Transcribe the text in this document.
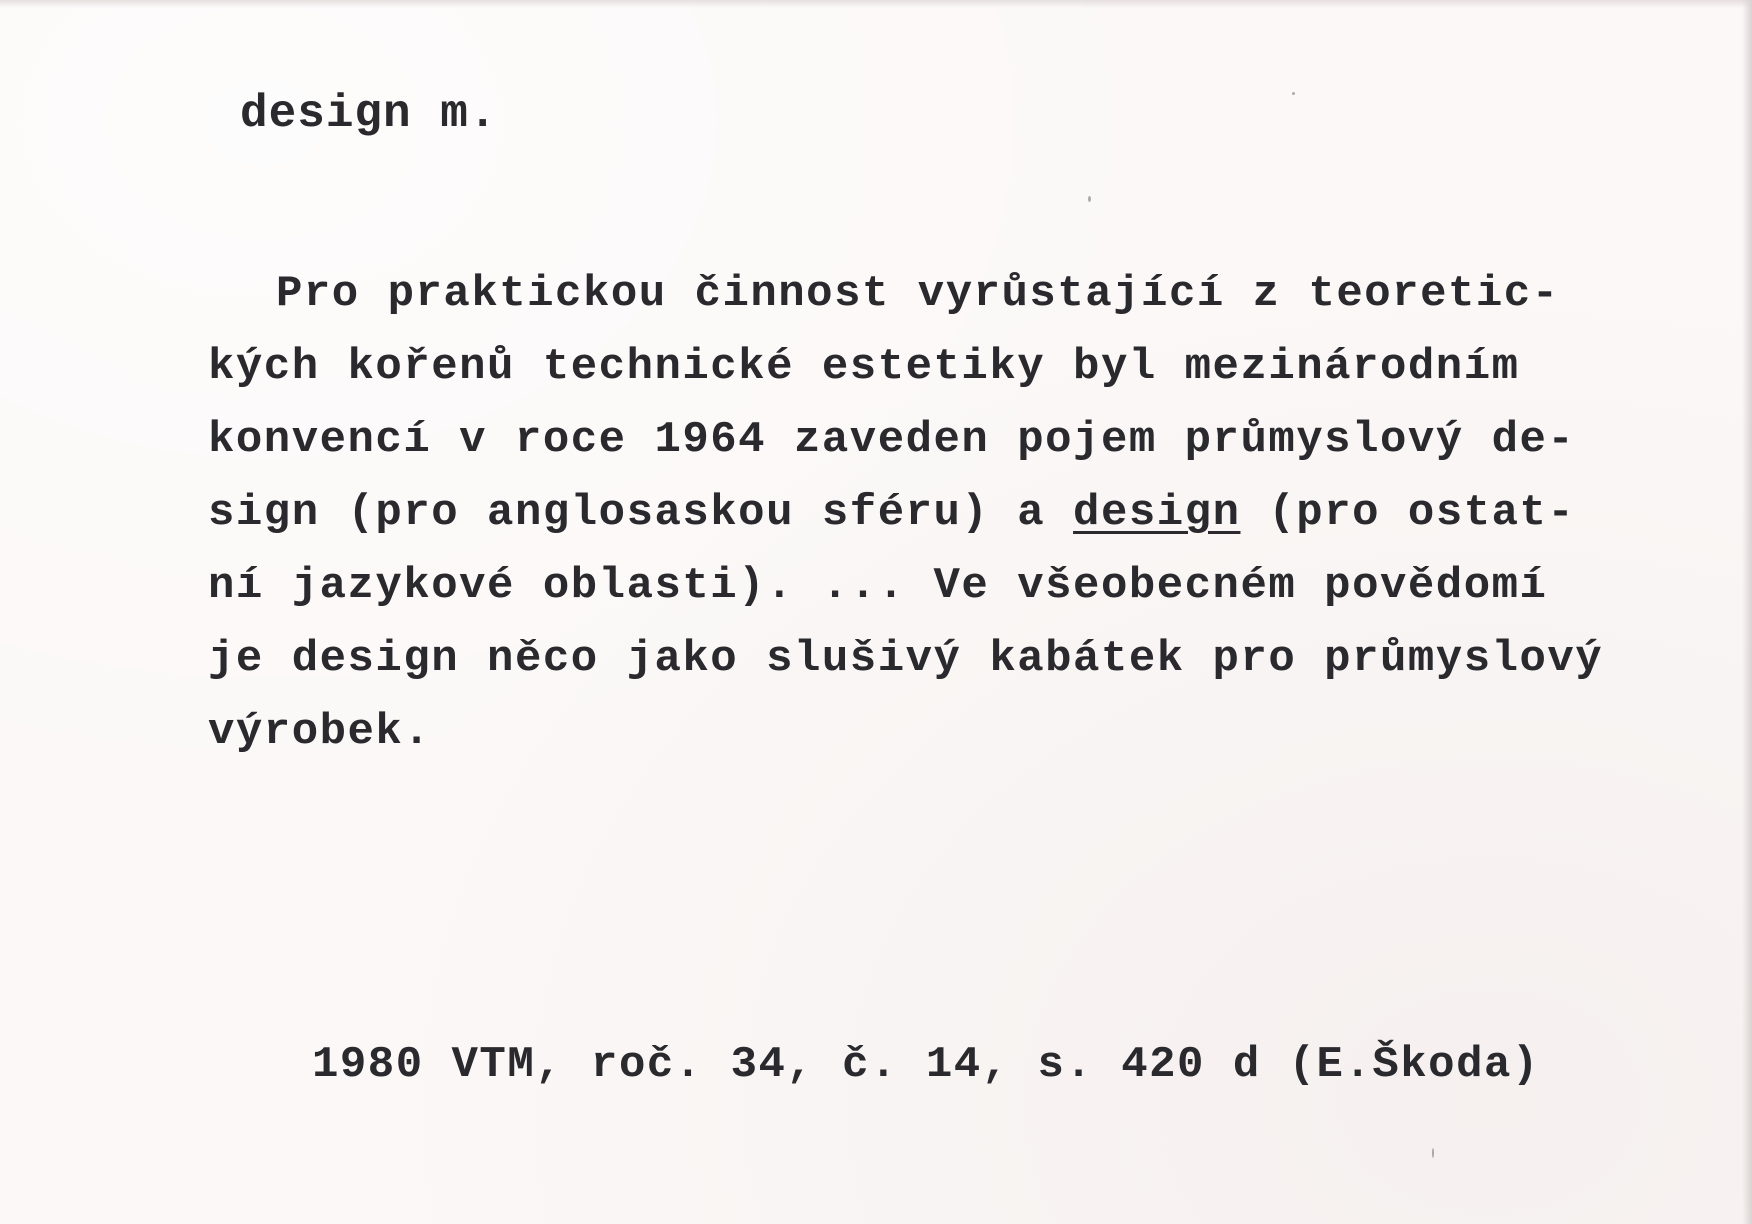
design m.

Pro praktickou činnost vyrůstající z teoretic-
kých kořenů technické estetiky byl mezinárodním
konvencí v roce 1964 zaveden pojem průmyslový de-
sign (pro anglosaskou sféru) a design (pro ostat-
ní jazykové oblasti). ... Ve všeobecném povědomí
je design něco jako slušivý kabátek pro průmyslový
výrobek.

1980 VTM, roč. 34, č. 14, s. 420 d (E.Škoda)
